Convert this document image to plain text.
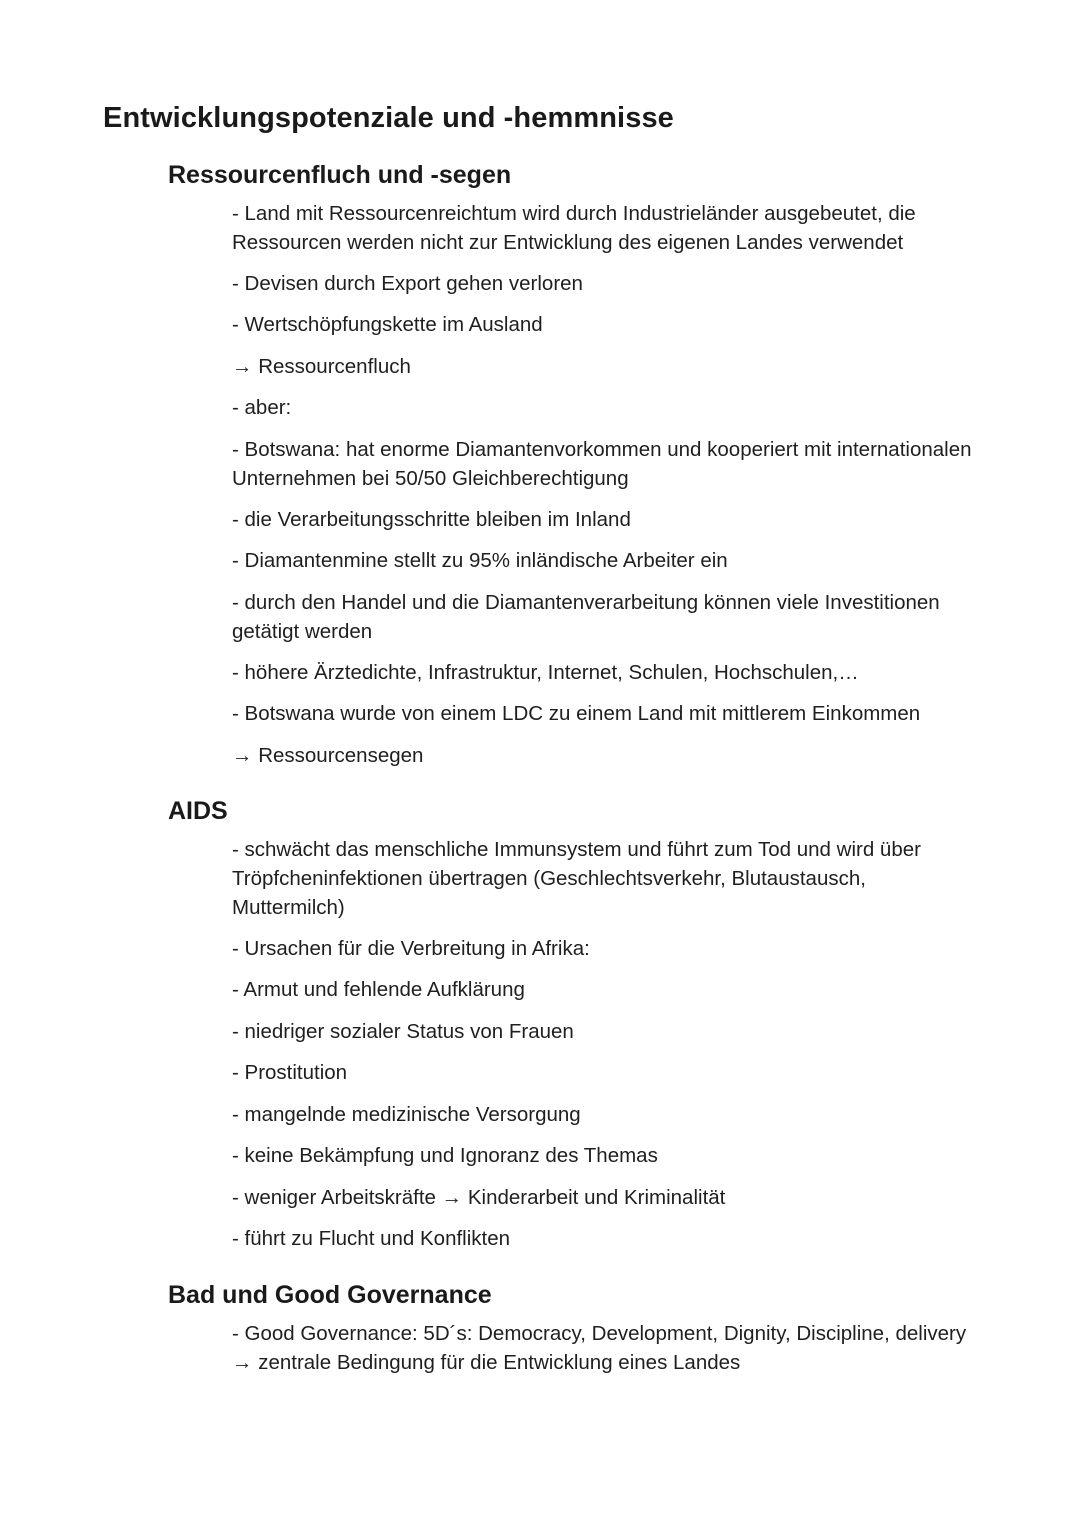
Entwicklungspotenziale und -hemmnisse
Ressourcenfluch und -segen

- Land mit Ressourcenreichtum wird durch Industrieländer ausgebeutet, die Ressourcen werden nicht zur Entwicklung des eigenen Landes verwendet

- Devisen durch Export gehen verloren

- Wertschöpfungskette im Ausland

→ Ressourcenfluch

- aber:

- Botswana: hat enorme Diamantenvorkommen und kooperiert mit internationalen Unternehmen bei 50/50 Gleichberechtigung

- die Verarbeitungsschritte bleiben im Inland

- Diamantenmine stellt zu 95% inländische Arbeiter ein

- durch den Handel und die Diamantenverarbeitung können viele Investitionen getätigt werden

- höhere Ärztedichte, Infrastruktur, Internet, Schulen, Hochschulen,…

- Botswana wurde von einem LDC zu einem Land mit mittlerem Einkommen

→ Ressourcensegen

AIDS

- schwächt das menschliche Immunsystem und führt zum Tod und wird über Tröpfcheninfektionen übertragen (Geschlechtsverkehr, Blutaustausch, Muttermilch)

- Ursachen für die Verbreitung in Afrika:

- Armut und fehlende Aufklärung

- niedriger sozialer Status von Frauen

- Prostitution

- mangelnde medizinische Versorgung

- keine Bekämpfung und Ignoranz des Themas

- weniger Arbeitskräfte → Kinderarbeit und Kriminalität

- führt zu Flucht und Konflikten

Bad und Good Governance

- Good Governance: 5D´s: Democracy, Development, Dignity, Discipline, delivery → zentrale Bedingung für die Entwicklung eines Landes
